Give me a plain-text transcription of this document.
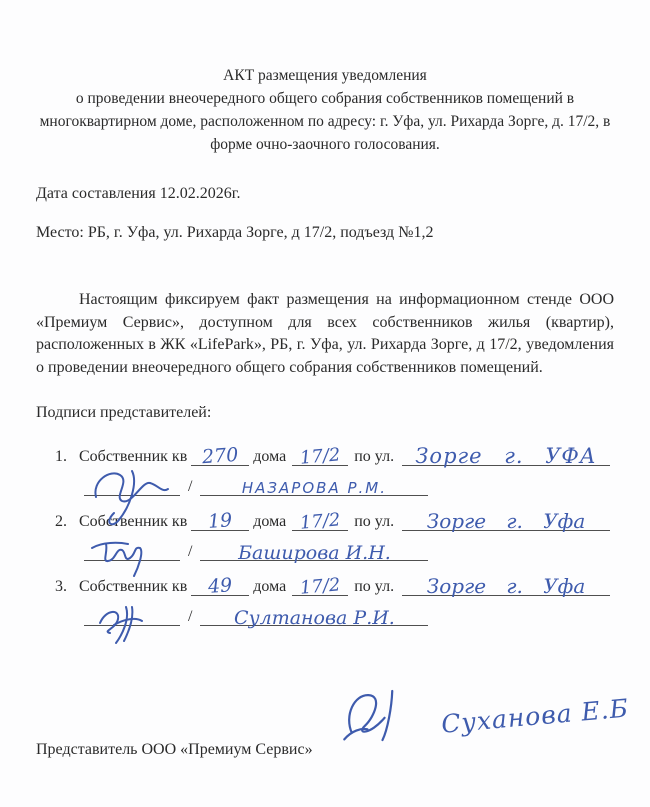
АКТ размещения уведомления
о проведении внеочередного общего собрания собственников помещений в
многоквартирном доме, расположенном по адресу: г. Уфа, ул. Рихарда Зорге, д. 17/2, в
форме очно-заочного голосования.

Дата составления 12.02.2026г.

Место: РБ, г. Уфа, ул. Рихарда Зорге, д 17/2, подъезд №1,2

Настоящим фиксируем факт размещения на информационном стенде ООО «Премиум Сервис», доступном для всех собственников жилья (квартир), расположенных в ЖК «LifePark», РБ, г. Уфа, ул. Рихарда Зорге, д 17/2, уведомления о проведении внеочередного общего собрания собственников помещений.

Подписи представителей:

1. Собственник кв 270 дома 17/2 по ул. Зорге г. УФА
/	НАЗАРОВА Р.М.
2. Собственник кв 19 дома 17/2 по ул. Зорге г. Уфа
/ Баширова И.Н.
3. Собственник кв 49 дома 17/2 по ул. Зорге г. Уфа
/ Султанова Р.И.
Представитель ООО «Премиум Сервис»
Суханова Е.Б
